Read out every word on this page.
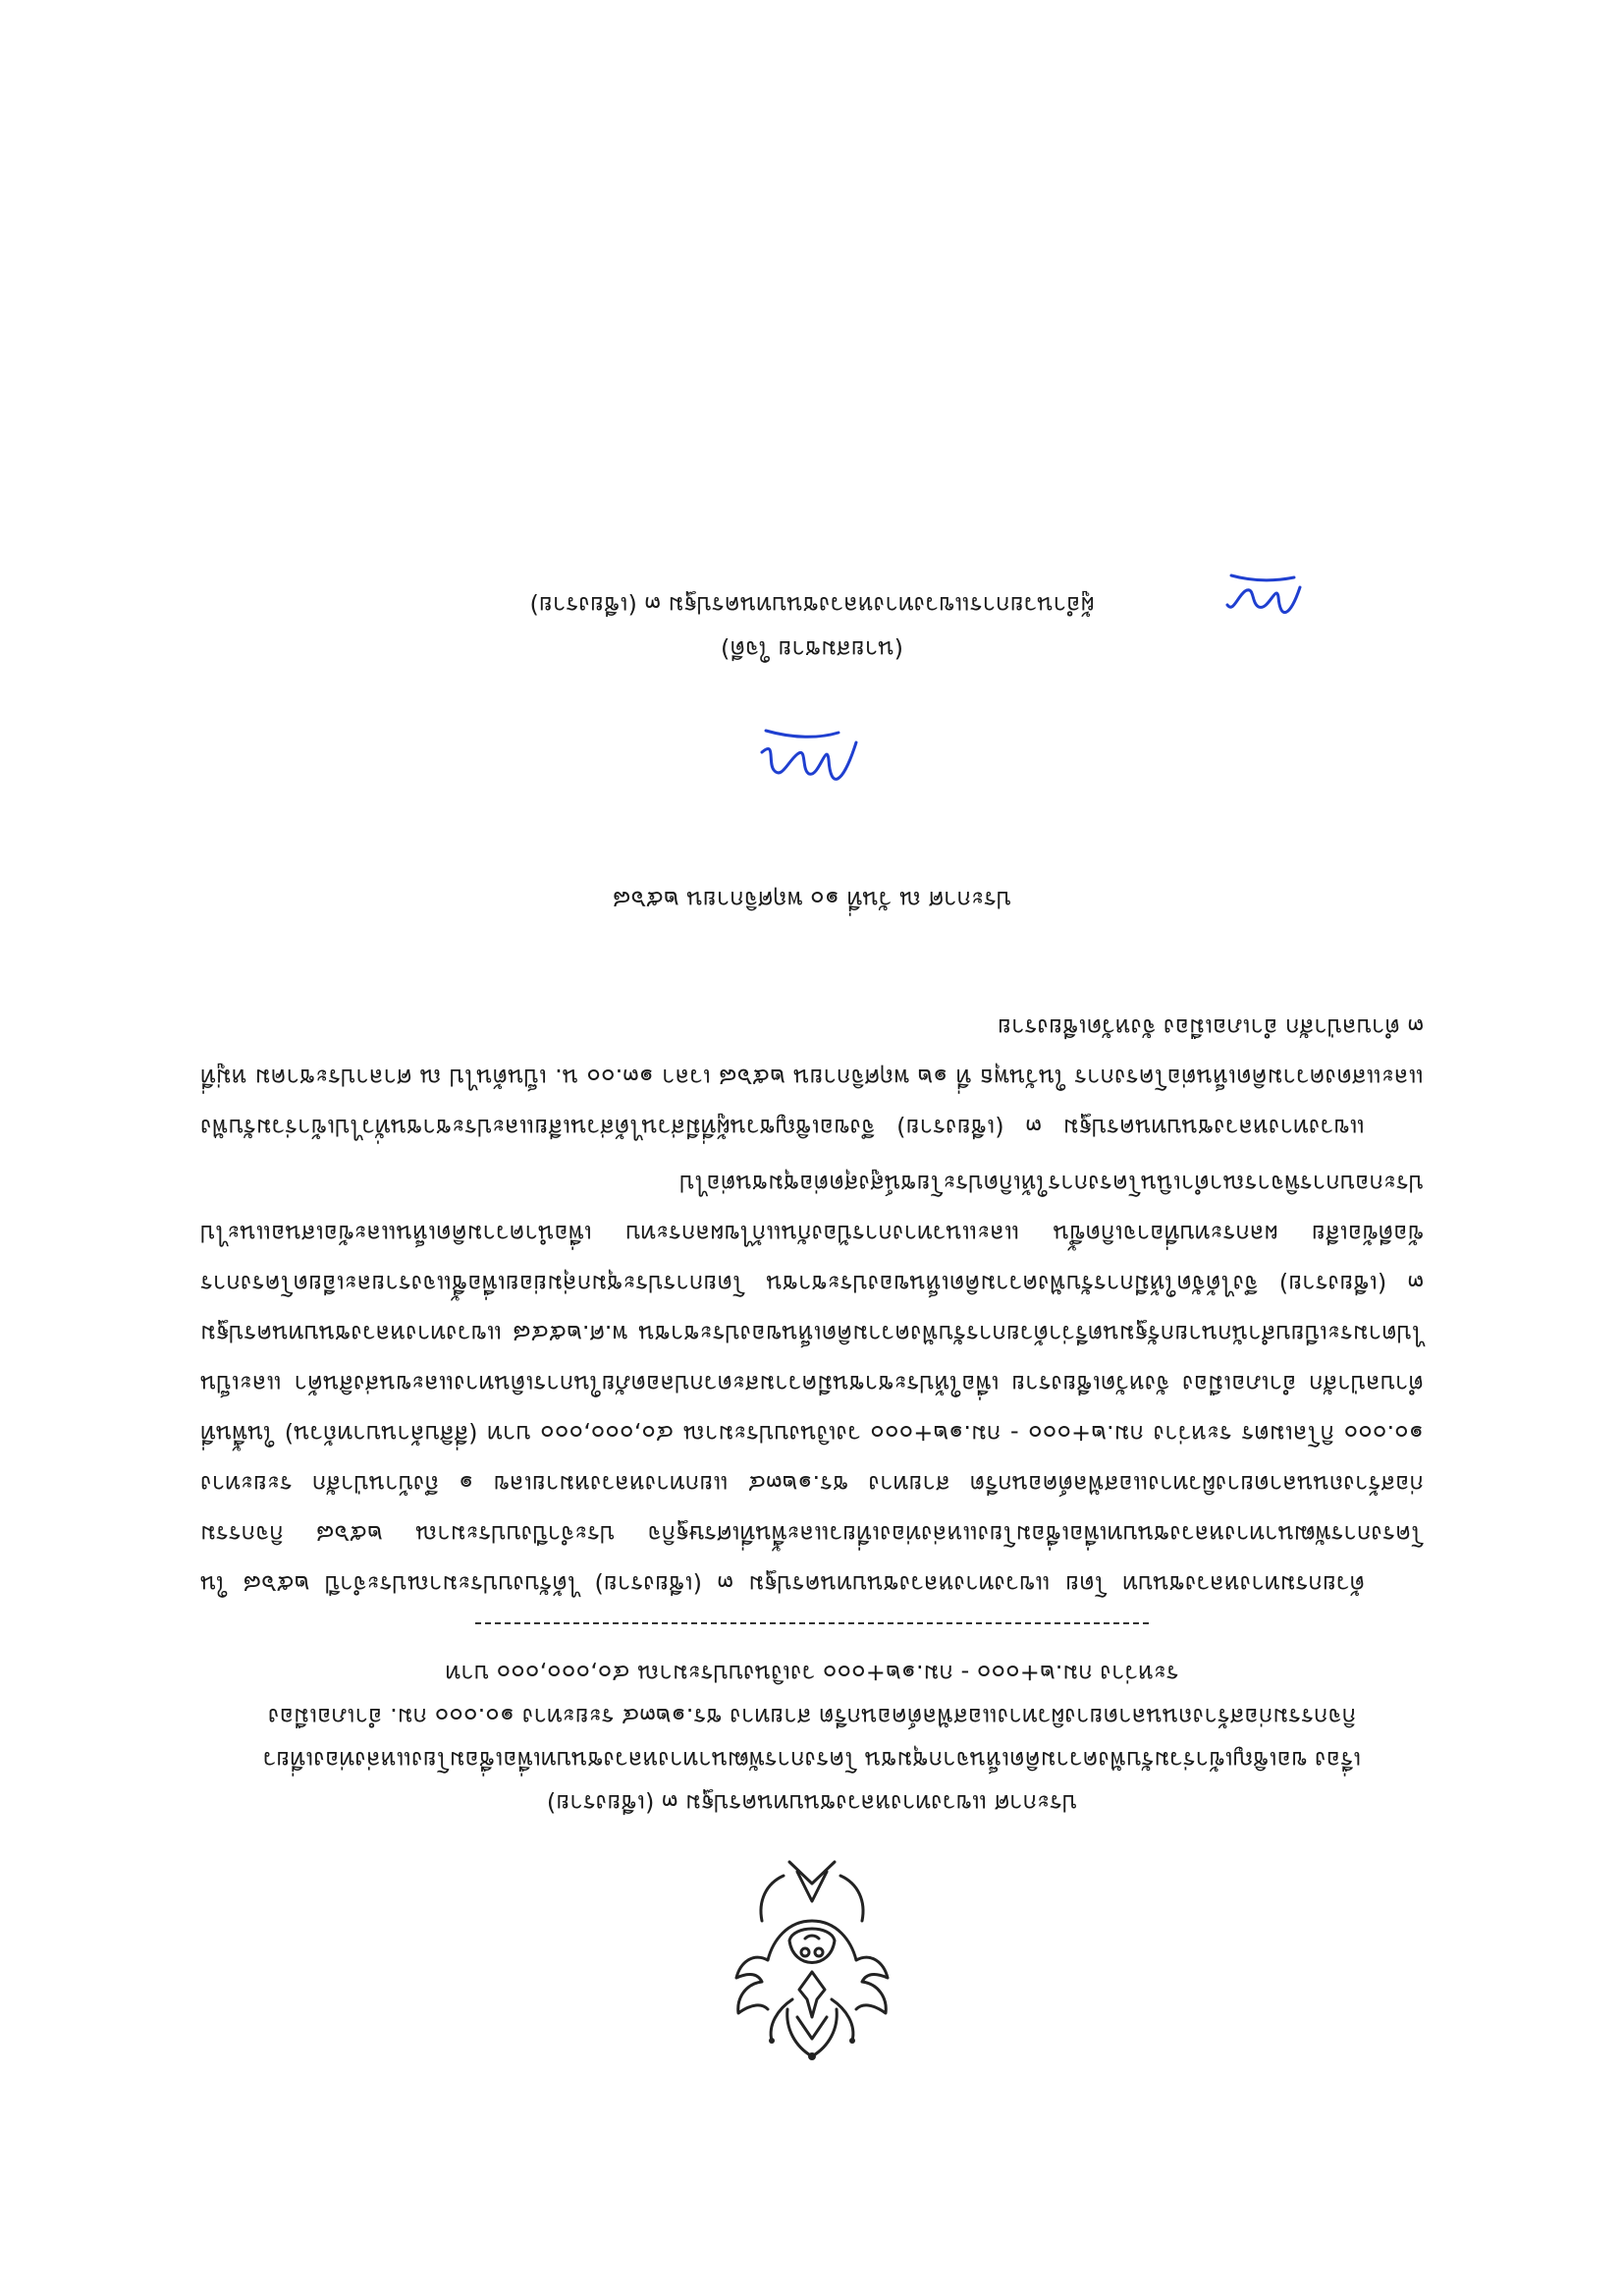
ประกาศ แขวงทางหลวงชนบทนครปฐม ๓ (เชียงราย)
เรื่อง ขอเชิญเข้าร่วมรับฟังความคิดเห็นจากชุมชน โครงการพัฒนาทางหลวงชนบทเพื่อเชื่อมโยงแหล่งท่องเที่ยว
กิจกรรมก่อสร้างถนนลาดยางผิวทางแอสฟัลต์คอนกรีต สายทาง ชร.๑๒๓๔ ระยะทาง ๑๐.๐๐๐ กม. อำเภอเมือง
ระหว่าง กม.๒+๐๐๐ - กม.๑๒+๐๐๐ วงเงินงบประมาณ ๔๐,๐๐๐,๐๐๐ บาท

ด้วยกรมทางหลวงชนบท โดย แขวงทางหลวงชนบทนครปฐม ๓ (เชียงราย) ได้รับงบประมาณประจำปี ๒๕๖๘ ในโครงการพัฒนาทางหลวงชนบทเพื่อเชื่อมโยงแหล่งท่องเที่ยวและพื้นที่เศรษฐกิจ ประจำปีงบประมาณ ๒๕๖๘ กิจกรรมก่อสร้างถนนลาดยางผิวทางแอสฟัลต์คอนกรีต สายทาง ชร.๑๒๓๔ แยกทางหลวงหมายเลข ๑ ถึงบ้านป่าสัก ระยะทาง ๑๐.๐๐๐ กิโลเมตร ระหว่าง กม.๒+๐๐๐ - กม.๑๒+๐๐๐ วงเงินงบประมาณ ๔๐,๐๐๐,๐๐๐ บาท (สี่สิบล้านบาทถ้วน) ในพื้นที่ตำบลป่าสัก อำเภอเมือง จังหวัดเชียงราย เพื่อให้ประชาชนมีความสะดวกปลอดภัยในการเดินทางและขนส่งสินค้า และเป็นไปตามระเบียบสำนักนายกรัฐมนตรีว่าด้วยการรับฟังความคิดเห็นของประชาชน พ.ศ.๒๕๔๘ แขวงทางหลวงชนบทนครปฐม ๓ (เชียงราย) จึงได้จัดให้มีการรับฟังความคิดเห็นของประชาชน โดยการประชุมกลุ่มย่อยเพื่อชี้แจงรายละเอียดโครงการ ข้อดีข้อเสีย ผลกระทบที่อาจเกิดขึ้น และแนวทางการป้องกันแก้ไขผลกระทบ เพื่อนำความคิดเห็นและข้อเสนอแนะไปประกอบการพิจารณาดำเนินโครงการให้เกิดประโยชน์สูงสุดต่อชุมชนต่อไป

แขวงทางหลวงชนบทนครปฐม ๓ (เชียงราย) จึงขอเชิญชวนผู้ที่มีส่วนได้ส่วนเสียและประชาชนทั่วไปเข้าร่วมรับฟังและแสดงความคิดเห็นต่อโครงการ ในวันพุธ ที่ ๑๒ พฤศจิกายน ๒๕๖๘ เวลา ๑๓.๐๐ น. เป็นต้นไป ณ ศาลาประชาคม หมู่ที่ ๓ ตำบลป่าสัก อำเภอเมือง จังหวัดเชียงราย

ประกาศ ณ วันที่ ๑๐ พฤศจิกายน ๒๕๖๘
(นายสมชาย ใจดี)
ผู้อำนวยการแขวงทางหลวงชนบทนครปฐม ๓ (เชียงราย)
